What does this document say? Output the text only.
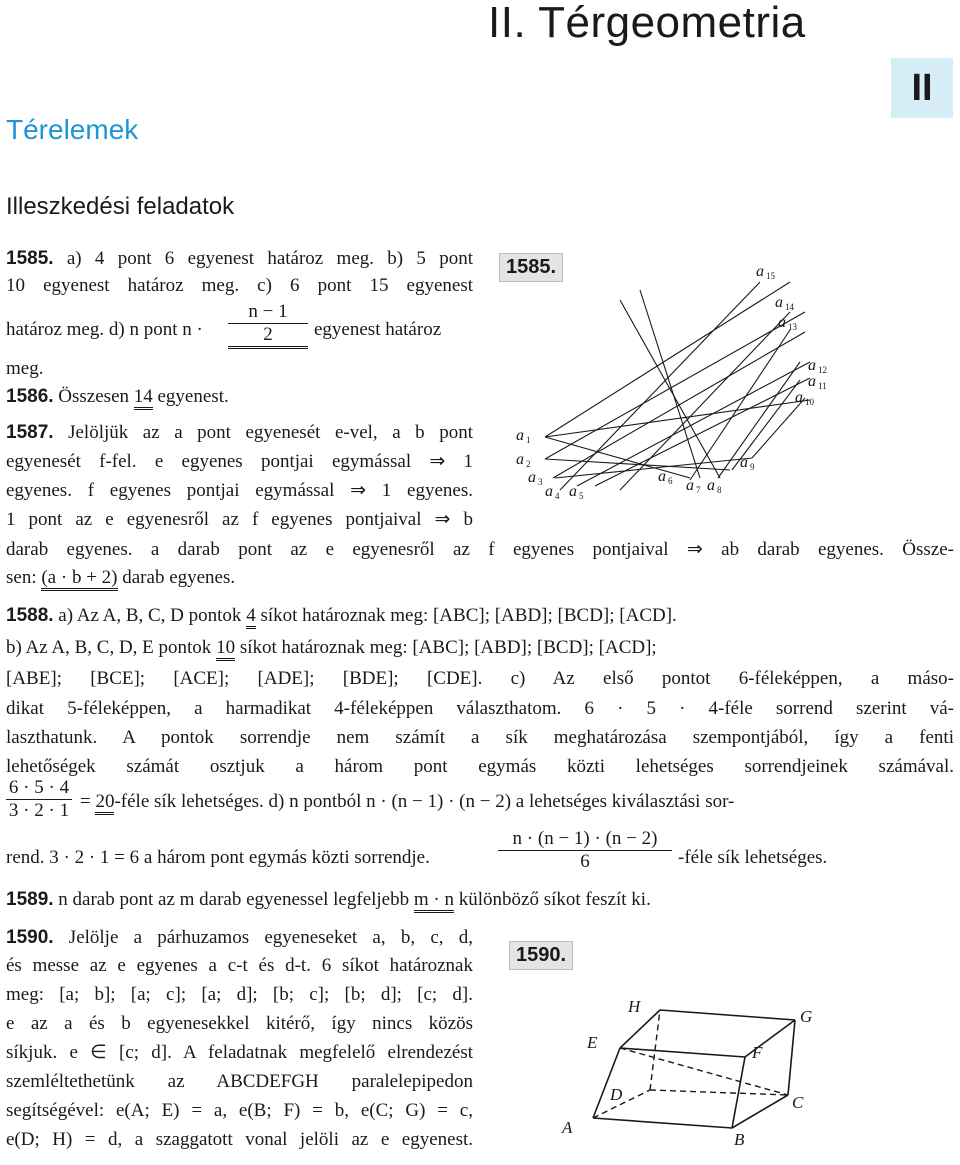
II. Térgeometria
II
Térelemek
Illeszkedési feladatok
1585. a) 4 pont 6 egyenest határoz meg. b) 5 pont
10 egyenest határoz meg. c) 6 pont 15 egyenest
határoz meg. d) n pont $n \cdot \frac{n - 1}{2}$ egyenest határoz
meg.
1586. Összesen 14 egyenest.
1587. Jelöljük az a pont egyenesét e-vel, a b pont
egyenesét f-fel. e egyenes pontjai egymással ⇒ 1
egyenes. f egyenes pontjai egymással ⇒ 1 egyenes.
1 pont az e egyenesről az f egyenes pontjaival ⇒ b
darab egyenes. a darab pont az e egyenesről az f egyenes pontjaival ⇒ ab darab egyenes. Össze-
sen: (a · b + 2) darab egyenes.
1588. a) Az A, B, C, D pontok 4 síkot határoznak meg: [ABC]; [ABD]; [BCD]; [ACD].
b) Az A, B, C, D, E pontok 10 síkot határoznak meg: [ABC]; [ABD]; [BCD]; [ACD];
[ABE]; [BCE]; [ACE]; [ADE]; [BDE]; [CDE]. c) Az első pontot 6-féleképpen, a máso-
dikat 5-féleképpen, a harmadikat 4-féleképpen választhatom. 6 · 5 · 4-féle sorrend szerint vá-
laszthatunk. A pontok sorrendje nem számít a sík meghatározása szempontjából, így a fenti
lehetőségek számát osztjuk a három pont egymás közti lehetséges sorrendjeinek számával.
$\frac{6 \cdot 5 \cdot 4}{3 \cdot 2 \cdot 1}$ = 20-féle sík lehetséges. d) n pontból n · (n − 1) · (n − 2) a lehetséges kiválasztási sor-
rend. 3 · 2 · 1 = 6 a három pont egymás közti sorrendje.	$\frac{n \cdot (n - 1) \cdot (n - 2)}{6}$ -féle sík lehetséges.
1589. n darab pont az m darab egyenessel legfeljebb m · n különböző síkot feszít ki.
1590. Jelölje a párhuzamos egyeneseket a, b, c, d,
és messe az e egyenes a c-t és d-t. 6 síkot határoznak
meg: [a; b]; [a; c]; [a; d]; [b; c]; [b; d]; [c; d].
e az a és b egyenesekkel kitérő, így nincs közös
síkjuk. e ∈ [c; d]. A feladatnak megfelelő elrendezést
szemléltethetünk az ABCDEFGH paralelepipedon
segítségével: e(A; E) = a, e(B; F) = b, e(C; G) = c,
e(D; H) = d, a szaggatott vonal jelöli az e egyenest.
1585.
a 1
a 2
a 3
a 4 a 5
a 6 a 7 a 8
a 9
a 10
a 11
a 12
a 13
a 14
a 15
1590.
A
B
C
D
E
F
G
H
